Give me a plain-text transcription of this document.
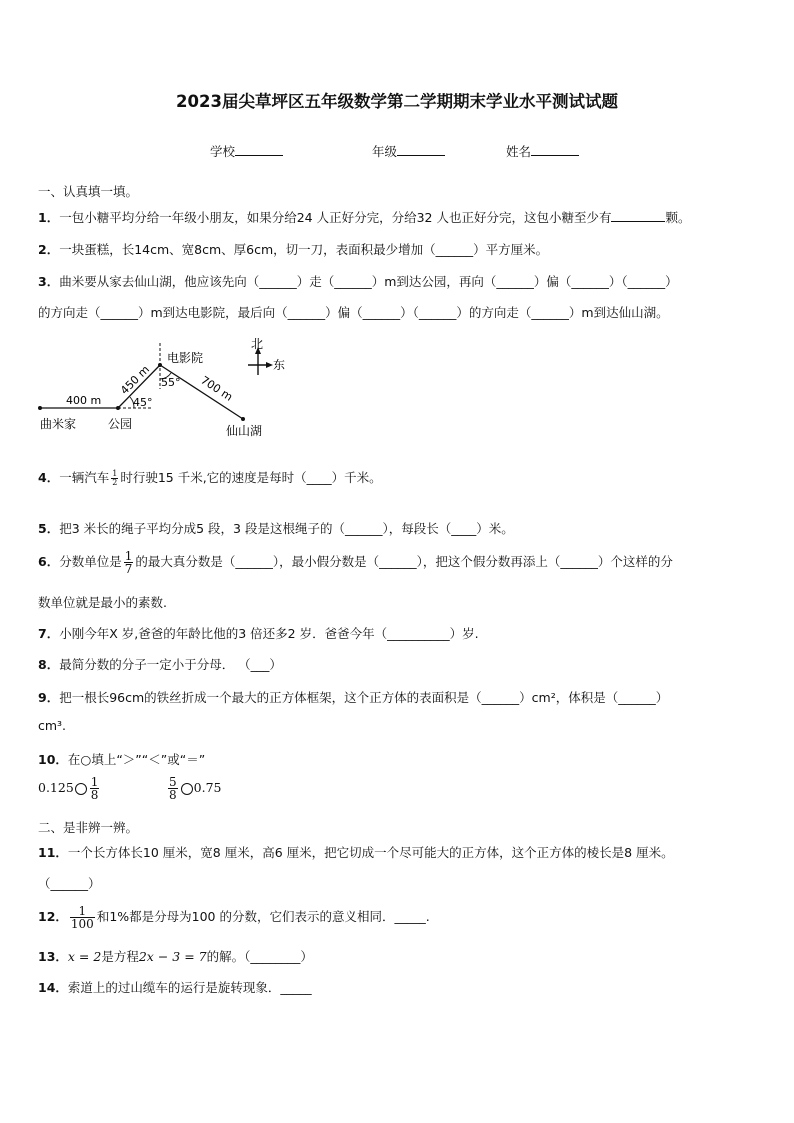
2023届尖草坪区五年级数学第二学期期末学业水平测试试题
学校	年级	姓名
一、认真填一填。
1．一包小糖平均分给一年级小朋友，如果分给24 人正好分完，分给32 人也正好分完，这包小糖至少有	颗。
2．一块蛋糕，长14cm、宽8cm、厚6cm，切一刀，表面积最少增加（______）平方厘米。
3．曲米要从家去仙山湖，他应该先向（______）走（______）m到达公园，再向（______）偏（______）（______）
的方向走（______）m到达电影院，最后向（______）偏（______）（______）的方向走（______）m到达仙山湖。
北
东
400 m
450 m	700 m
45°
55°
电影院
曲米家	公园	仙山湖
4．一辆汽车 $\frac{1}{2}$ 时行驶15 千米,它的速度是每时（____）千米。
5．把3 米长的绳子平均分成5 段，3 段是这根绳子的（______），每段长（____）米。
6．分数单位是 $\frac{1}{7}$ 的最大真分数是（______），最小假分数是（______），把这个假分数再添上（______）个这样的分
数单位就是最小的素数.
7．小刚今年X 岁,爸爸的年龄比他的3 倍还多2 岁．爸爸今年（__________）岁.
8．最简分数的分子一定小于分母． （___）
9．把一根长96cm的铁丝折成一个最大的正方体框架，这个正方体的表面积是（______）cm²，体积是（______）
cm³.
10．在○填上“＞”“＜”或“＝”
$0.125 \frac{1}{8}$	$\frac{5}{8} 0.75$
二、是非辨一辨。
11．一个长方体长10 厘米，宽8 厘米，高6 厘米，把它切成一个尽可能大的正方体，这个正方体的棱长是8 厘米。
（______）
12． $\frac{1}{100}$ 和1%都是分母为100 的分数，它们表示的意义相同．_____.
13．x = 2是方程2x − 3 = 7的解。（________）
14．索道上的过山缆车的运行是旋转现象．_____
